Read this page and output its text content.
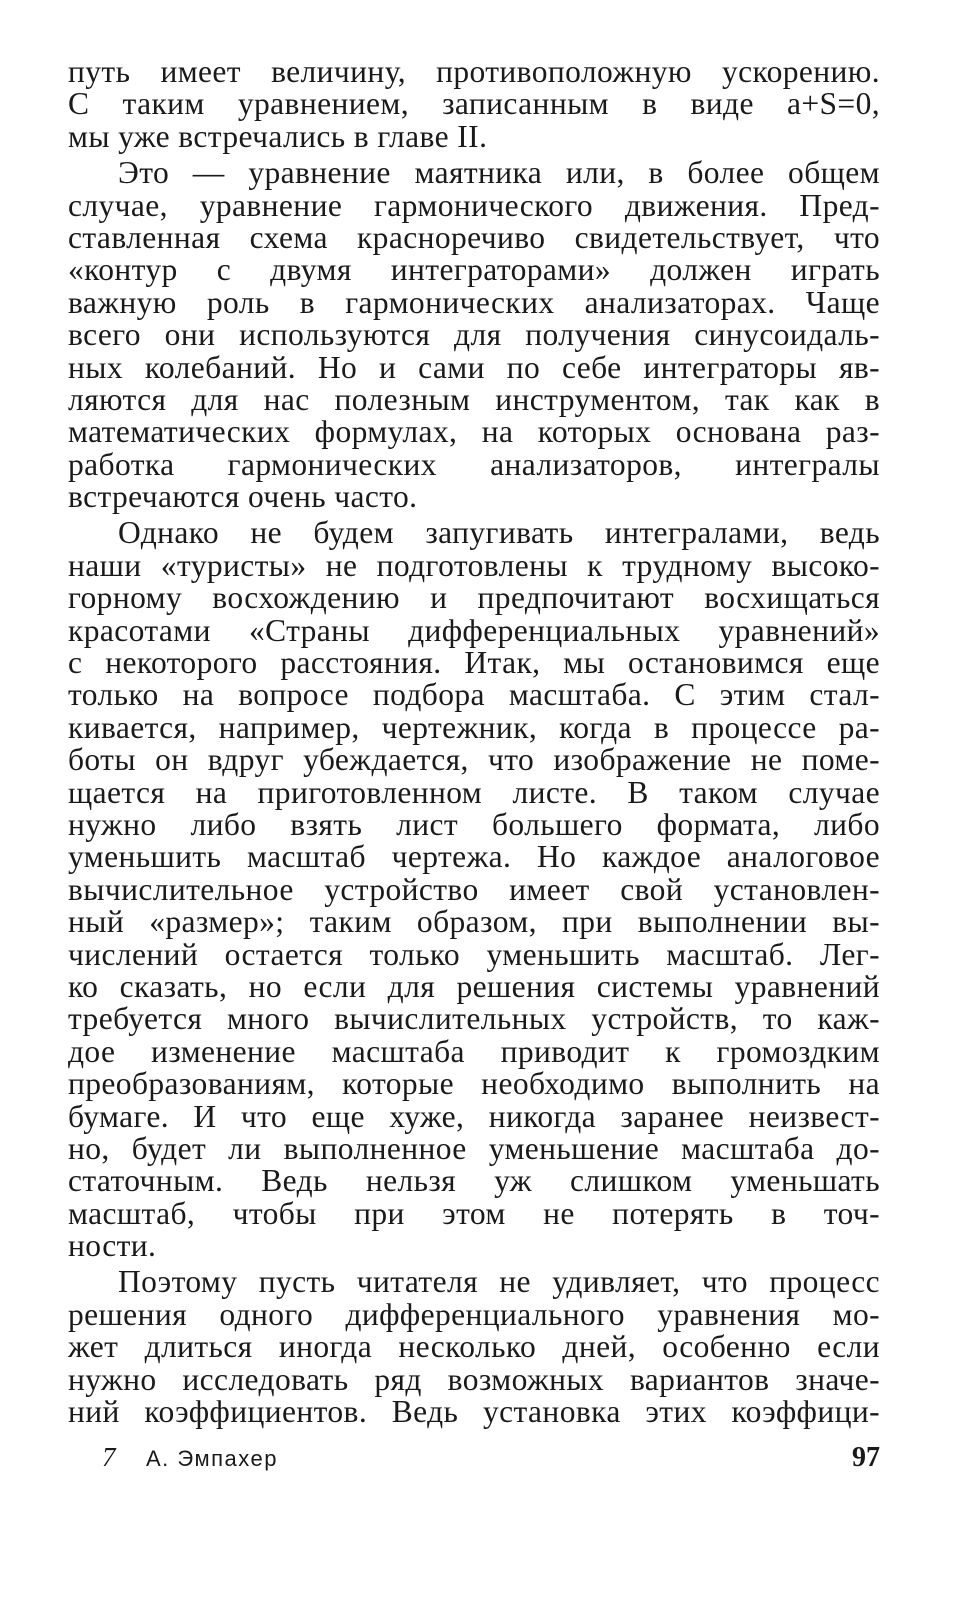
путь имеет величину, противоположную ускорению.
С таким уравнением, записанным в виде a+S=0,
мы уже встречались в главе II.
Это — уравнение маятника или, в более общем
случае, уравнение гармонического движения. Пред-
ставленная схема красноречиво свидетельствует, что
«контур с двумя интеграторами» должен играть
важную роль в гармонических анализаторах. Чаще
всего они используются для получения синусоидаль-
ных колебаний. Но и сами по себе интеграторы яв-
ляются для нас полезным инструментом, так как в
математических формулах, на которых основана раз-
работка гармонических анализаторов, интегралы
встречаются очень часто.
Однако не будем запугивать интегралами, ведь
наши «туристы» не подготовлены к трудному высоко-
горному восхождению и предпочитают восхищаться
красотами «Страны дифференциальных уравнений»
с некоторого расстояния. Итак, мы остановимся еще
только на вопросе подбора масштаба. С этим стал-
кивается, например, чертежник, когда в процессе ра-
боты он вдруг убеждается, что изображение не поме-
щается на приготовленном листе. В таком случае
нужно либо взять лист большего формата, либо
уменьшить масштаб чертежа. Но каждое аналоговое
вычислительное устройство имеет свой установлен-
ный «размер»; таким образом, при выполнении вы-
числений остается только уменьшить масштаб. Лег-
ко сказать, но если для решения системы уравнений
требуется много вычислительных устройств, то каж-
дое изменение масштаба приводит к громоздким
преобразованиям, которые необходимо выполнить на
бумаге. И что еще хуже, никогда заранее неизвест-
но, будет ли выполненное уменьшение масштаба до-
статочным. Ведь нельзя уж слишком уменьшать
масштаб, чтобы при этом не потерять в точ-
ности.
Поэтому пусть читателя не удивляет, что процесс
решения одного дифференциального уравнения мо-
жет длиться иногда несколько дней, особенно если
нужно исследовать ряд возможных вариантов значе-
ний коэффициентов. Ведь установка этих коэффици-
7 А. Эмпахер	97
